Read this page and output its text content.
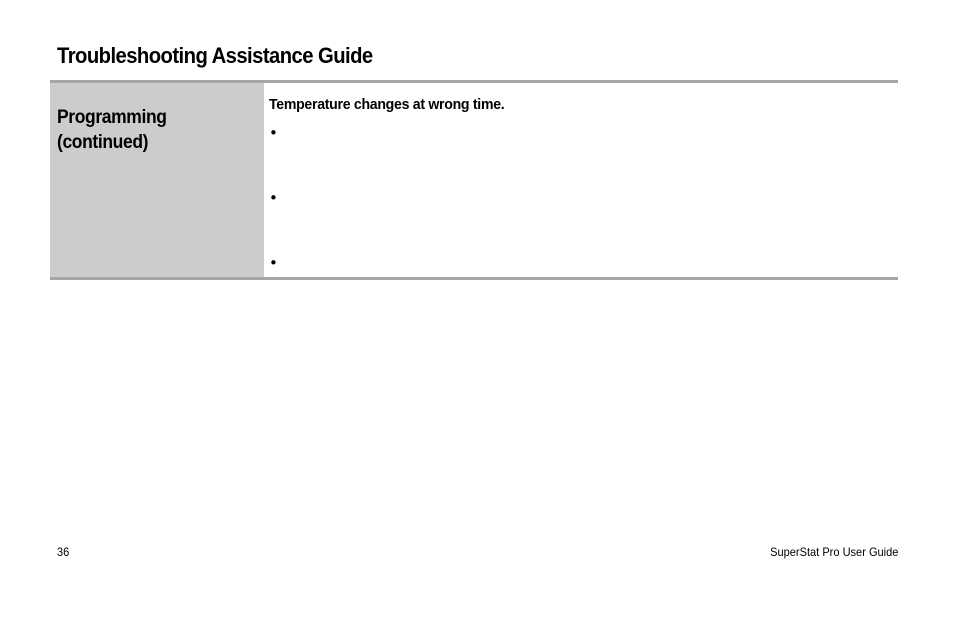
Troubleshooting Assistance Guide
Programming
(continued)
Temperature changes at wrong time.
•
•
•
36	SuperStat Pro User Guide
